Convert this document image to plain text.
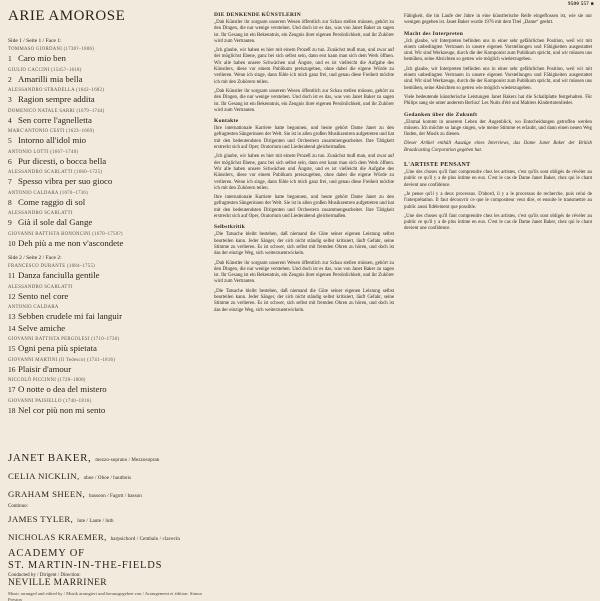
9500 557 ■
ARIE AMOROSE
Side 1 / Seite 1 / Face 1:
TOMMASO GIORDANI (1730?–1806)
1 Caro mio ben
GIULIO CACCINI (1545?–1618)
2 Amarilli mia bella
ALESSANDRO STRADELLA (1642–1682)
3 Ragion sempre addita
DOMENICO NATALE SARRI (1679–1744)
4 Sen corre l'agnelletta
MARC'ANTONIO CESTI (1623–1669)
5 Intorno all'idol mio
ANTONIO LOTTI (1667–1740)
6 Pur dicesti, o bocca bella
ALESSANDRO SCARLATTI (1660–1725)
7 Spesso vibra per suo gioco
ANTONIO CALDARA (1670–1736)
8 Come raggio di sol
ALESSANDRO SCARLATTI
9 Già il sole dal Gange
GIOVANNI BATTISTA BONONCINI (1670–1750?)
10 Deh più a me non v'ascondete
Side 2 / Seite 2 / Face 2:
FRANCESCO DURANTE (1684–1755)
11 Danza fanciulla gentile
ALESSANDRO SCARLATTI
12 Sento nel core
ANTONIO CALDARA
13 Sebben crudele mi fai languir
14 Selve amiche
GIOVANNI BATTISTA PERGOLESI (1710–1736)
15 Ogni pena più spietata
GIOVANNI MARTINI (Il Tedesco) (1741–1816)
16 Plaisir d'amour
NICCOLÒ PICCINNI (1728–1800)
17 O notte o dea del mistero
GIOVANNI PAISIELLO (1740–1816)
18 Nel cor più non mi sento
JANET BAKER, mezzo-soprano / Mezzosopran
CELIA NICKLIN, oboe / Oboe / hautbois
GRAHAM SHEEN, bassoon / Fagott / basson
Continuo:
JAMES TYLER, lute / Laute / luth
NICHOLAS KRAEMER, harpsichord / Cembalo / clavecin
ACADEMY OF
ST. MARTIN-IN-THE-FIELDS
Conducted by / Dirigent / Direction:
NEVILLE MARRINER
Music arranged and edited by / Musik arrangiert und herausgegeben von / Arrangement et édition: Simon Preston
DIE DENKENDE KÜNSTLERIN

„Dah Künstler ihr sorgsam unserem Wesen öffentlich zur Schau stellen müssen, gehört zu den Dingen, die nur wenige verstehen. Und doch ist es das, was von Janet Baker zu sagen ist. Ihr Gesang ist ein Bekenntnis, ein Zeugnis ihrer eigenen Persönlichkeit, und ihr Zuhörer wird zum Vertrauten.

„Ich glaube, wir haben es hier mit einem Prozeß zu tun. Zunächst muß man, und zwar auf der möglichst Ebene, ganz bei sich selbst sein, dann erst kann man sich dem Werk öffnen. Wir alle haben unsere Schwächen und Ängste, und es ist vielleicht die Aufgabe des Künstlers, diese vor einem Publikum preiszugeben, ohne dabei die eigene Würde zu verlieren. Wenn ich singe, dann fühle ich mich ganz frei, und genau diese Freiheit möchte ich mit den Zuhörern teilen.

„Dah Künstler ihr sorgsam unserem Wesen öffentlich zur Schau stellen müssen, gehört zu den Dingen, die nur wenige verstehen. Und doch ist es das, was von Janet Baker zu sagen ist. Ihr Gesang ist ein Bekenntnis, ein Zeugnis ihrer eigenen Persönlichkeit, und ihr Zuhörer wird zum Vertrauten.

Kontakte

Ihre internationale Karriere hatte begonnen, und heute gehört Dame Janet zu den gefragtesten Sängerinnen der Welt. Sie ist in allen großen Musikzentren aufgetreten und hat mit den bedeutendsten Dirigenten und Orchestern zusammengearbeitet. Ihre Tätigkeit erstreckt sich auf Oper, Oratorium und Liederabend gleichermaßen.

„Ich glaube, wir haben es hier mit einem Prozeß zu tun. Zunächst muß man, und zwar auf der möglichst Ebene, ganz bei sich selbst sein, dann erst kann man sich dem Werk öffnen. Wir alle haben unsere Schwächen und Ängste, und es ist vielleicht die Aufgabe des Künstlers, diese vor einem Publikum preiszugeben, ohne dabei die eigene Würde zu verlieren. Wenn ich singe, dann fühle ich mich ganz frei, und genau diese Freiheit möchte ich mit den Zuhörern teilen.

Ihre internationale Karriere hatte begonnen, und heute gehört Dame Janet zu den gefragtesten Sängerinnen der Welt. Sie ist in allen großen Musikzentren aufgetreten und hat mit den bedeutendsten Dirigenten und Orchestern zusammengearbeitet. Ihre Tätigkeit erstreckt sich auf Oper, Oratorium und Liederabend gleichermaßen.

Selbstkritik

„Die Tatsache bleibt bestehen, daß niemand die Güte seiner eigenen Leistung selbst beurteilen kann. Jeder Sänger, der sich nicht ständig selbst kritisiert, läuft Gefahr, seine Stimme zu verlieren. Es ist schwer, sich selbst mit fremden Ohren zu hören, und doch ist das der einzige Weg, sich weiterzuentwickeln.

„Dah Künstler ihr sorgsam unserem Wesen öffentlich zur Schau stellen müssen, gehört zu den Dingen, die nur wenige verstehen. Und doch ist es das, was von Janet Baker zu sagen ist. Ihr Gesang ist ein Bekenntnis, ein Zeugnis ihrer eigenen Persönlichkeit, und ihr Zuhörer wird zum Vertrauten.

„Die Tatsache bleibt bestehen, daß niemand die Güte seiner eigenen Leistung selbst beurteilen kann. Jeder Sänger, der sich nicht ständig selbst kritisiert, läuft Gefahr, seine Stimme zu verlieren. Es ist schwer, sich selbst mit fremden Ohren zu hören, und doch ist das der einzige Weg, sich weiterzuentwickeln.

Fähigkeit, die im Laufe der Jahre in eine künstlerische Reife eingeflossen ist, wie sie nur wenigen gegeben ist. Janet Baker wurde 1976 mit dem Titel „Dame“ geehrt.

Macht des Interpreten

„Ich glaube, wir Interpreten befinden uns in einer sehr gefährlichen Position, weil wir mit einem unbedingten Vertrauen in unsere eigenen Vorstellungen und Fähigkeiten ausgestattet sind. Wir sind Werkzeuge, durch die der Komponist zum Publikum spricht, und wir müssen uns bemühen, seine Absichten so getreu wie möglich wiederzugeben.

„Ich glaube, wir Interpreten befinden uns in einer sehr gefährlichen Position, weil wir mit einem unbedingten Vertrauen in unsere eigenen Vorstellungen und Fähigkeiten ausgestattet sind. Wir sind Werkzeuge, durch die der Komponist zum Publikum spricht, und wir müssen uns bemühen, seine Absichten so getreu wie möglich wiederzugeben.

Viele bedeutende künstlerische Leistungen Janet Bakers hat die Schallplatte festgehalten. Für Philips sang sie unter anderem Berlioz' Les Nuits d'été und Mahlers Kindertotenlieder.

Gedanken über die Zukunft

„Einmal kommt in unserem Leben der Augenblick, wo Entscheidungen getroffen werden müssen. Ich möchte so lange singen, wie meine Stimme es erlaubt, und dann einen neuen Weg finden, der Musik zu dienen.

Dieser Artikel enthält Auszüge eines Interviews, das Dame Janet Baker der British Broadcasting Corporation gegeben hat.

L'ARTISTE PENSANT

„Une des choses qu'il faut comprendre chez les artistes, c'est qu'ils sont obligés de révéler au public ce qu'il y a de plus intime en eux. C'est le cas de Dame Janet Baker, chez qui le chant devient une confidence.

„Je pense qu'il y a deux processus. D'abord, il y a le processus de recherche, puis celui de l'interprétation. Il faut découvrir ce que le compositeur veut dire, et ensuite le transmettre au public aussi fidèlement que possible.

„Une des choses qu'il faut comprendre chez les artistes, c'est qu'ils sont obligés de révéler au public ce qu'il y a de plus intime en eux. C'est le cas de Dame Janet Baker, chez qui le chant devient une confidence.
